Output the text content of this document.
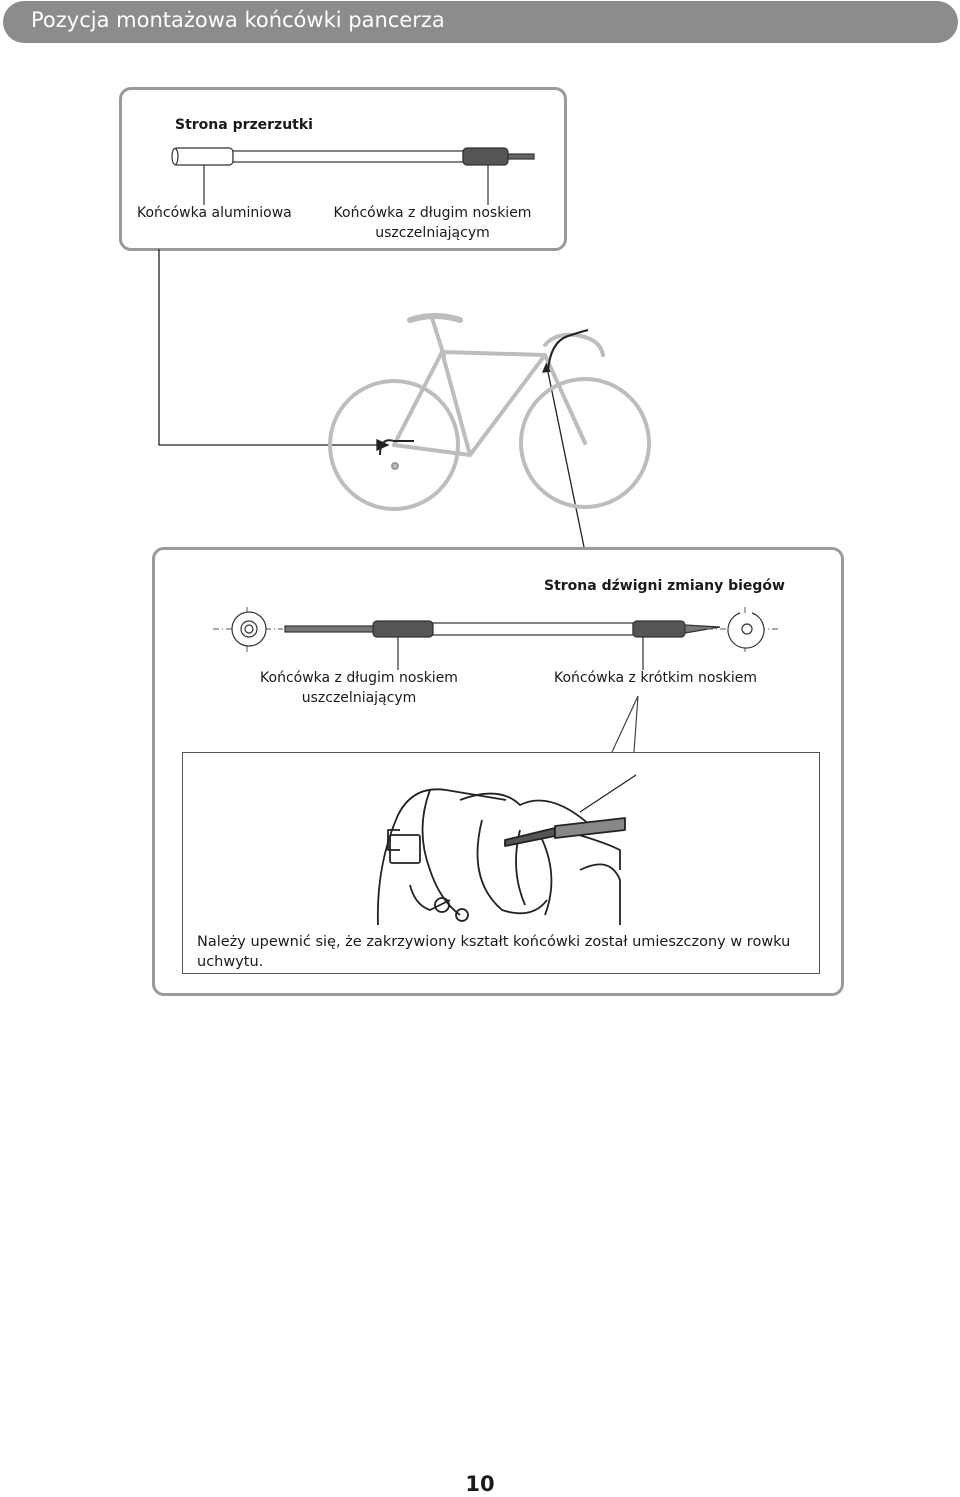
Pozycja montażowa końcówki pancerza
Strona przerzutki
Końcówka aluminiowa	Końcówka z długim noskiem uszczelniającym
Strona dźwigni zmiany biegów
Końcówka z długim noskiem uszczelniającym
Końcówka z krótkim noskiem
Należy upewnić się, że zakrzywiony kształt końcówki został umieszczony w rowku uchwytu.
10
